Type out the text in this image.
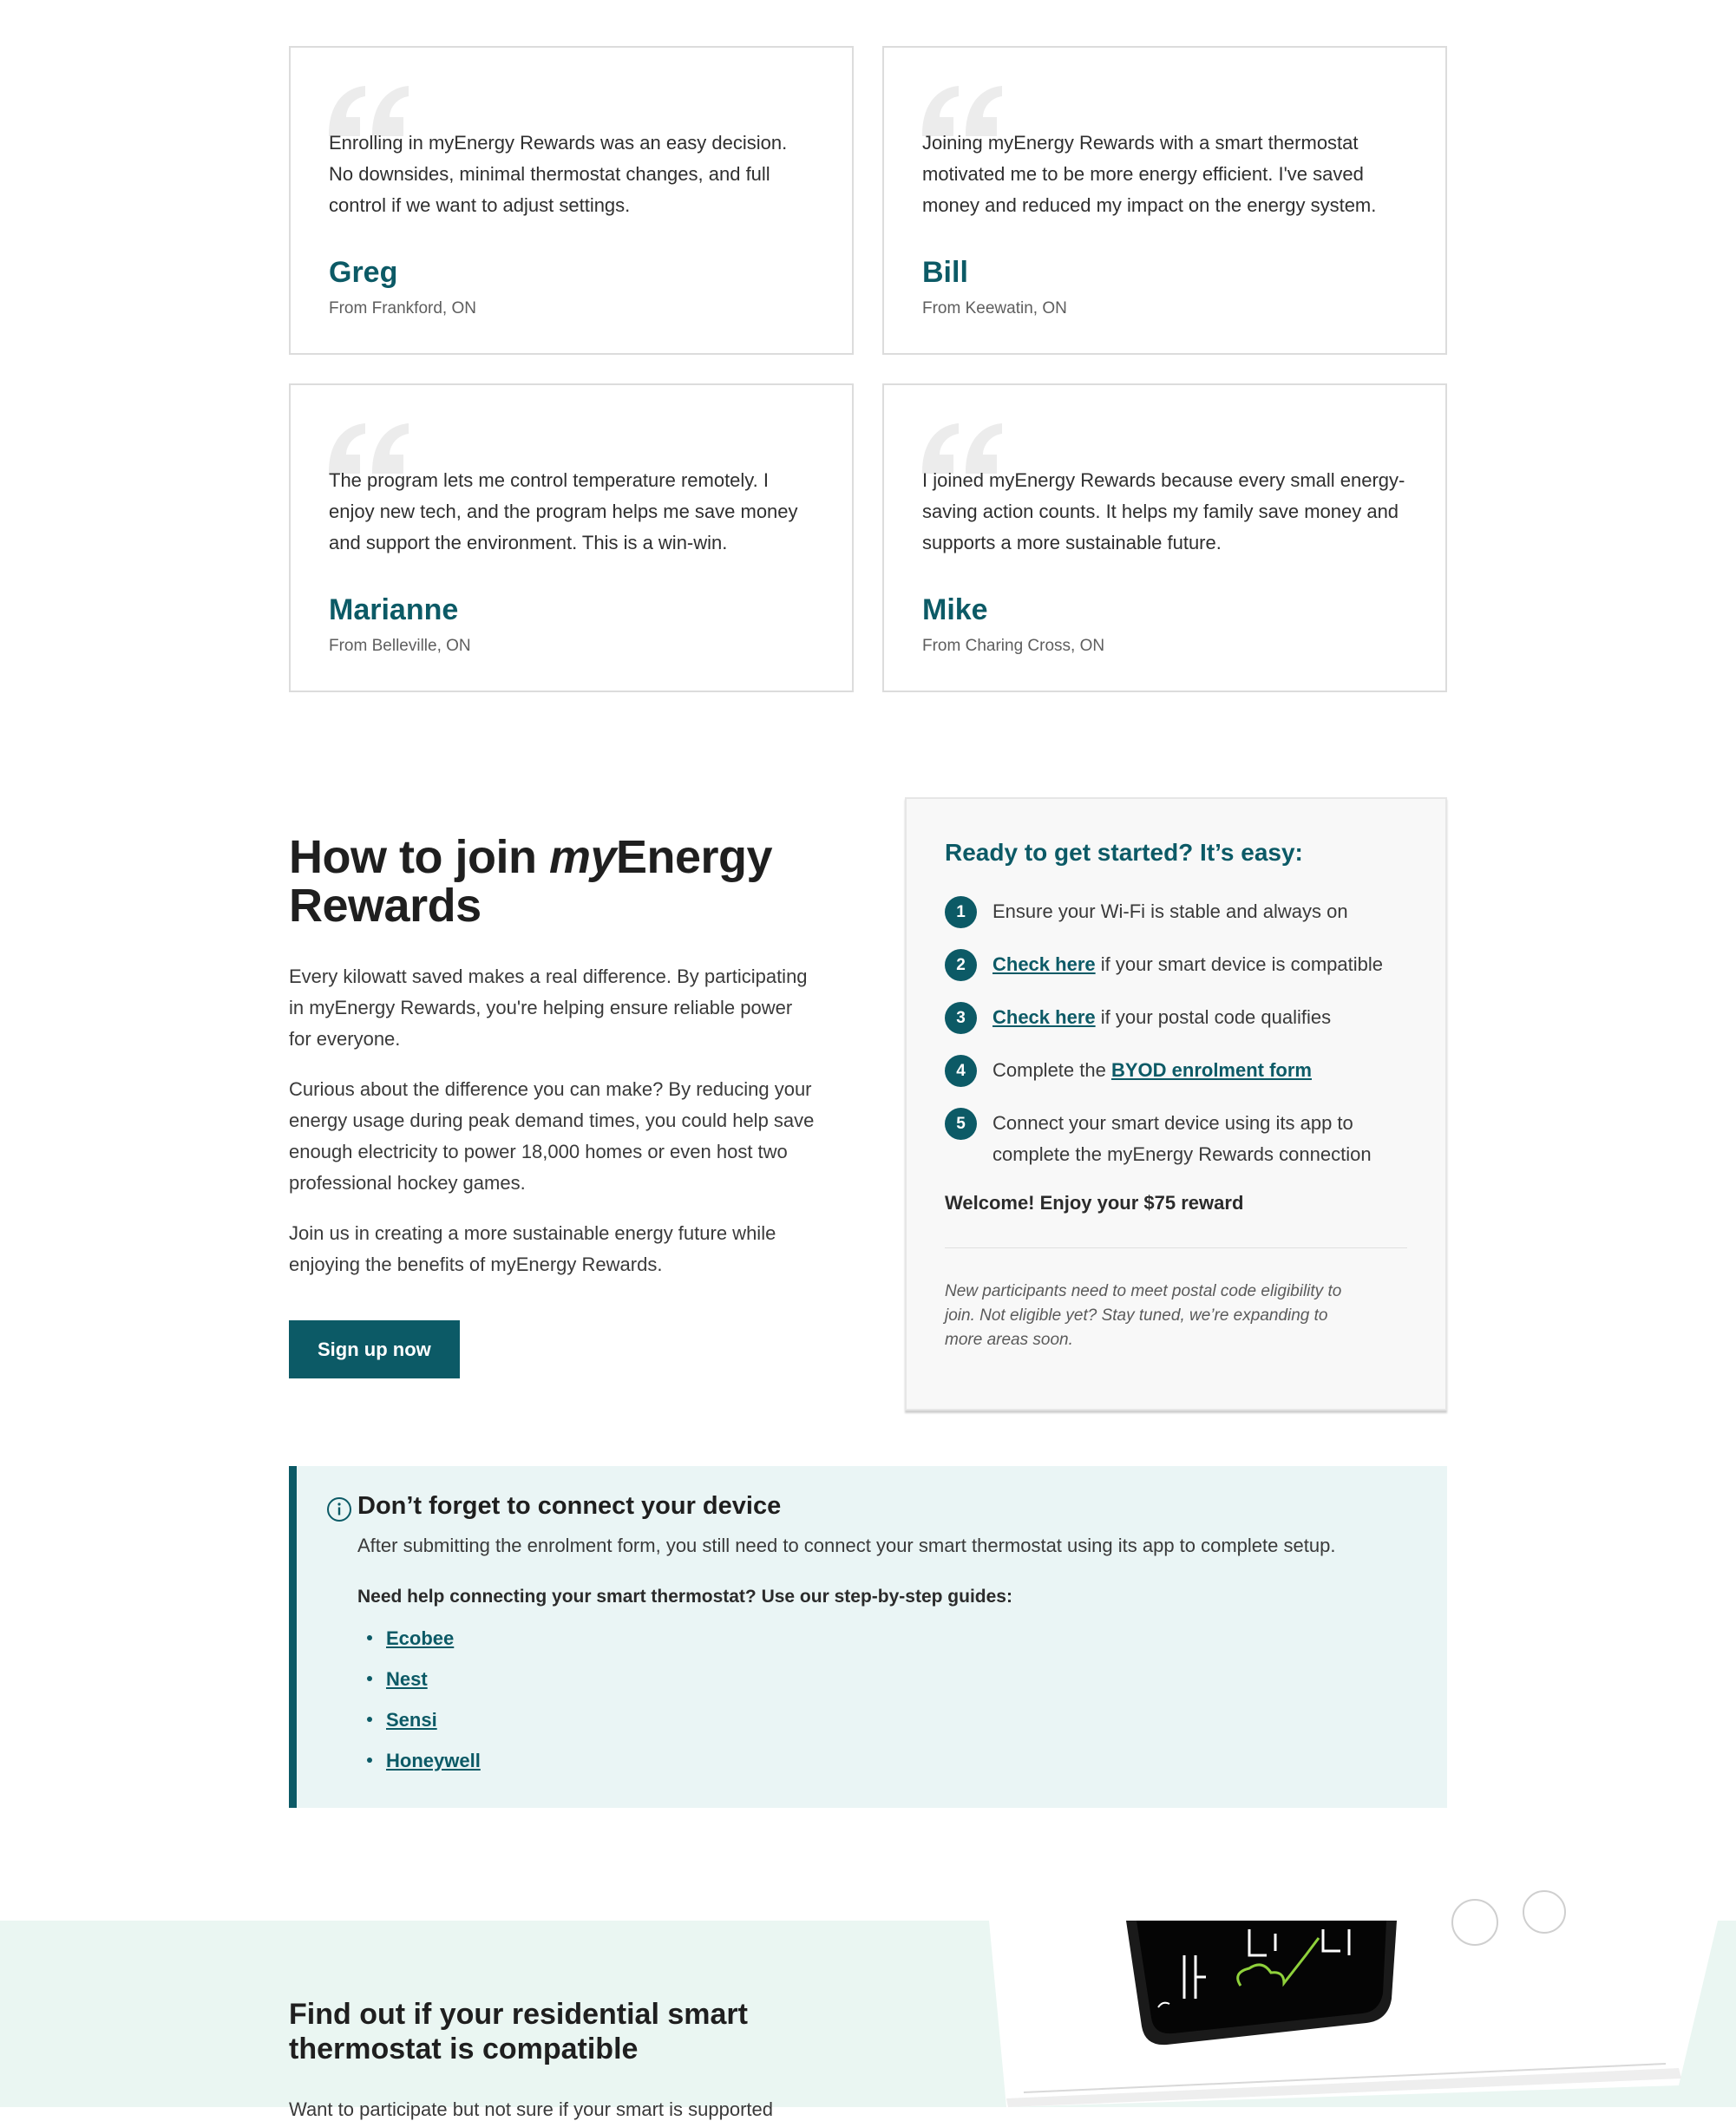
Enrolling in myEnergy Rewards was an easy decision. No downsides, minimal thermostat changes, and full control if we want to adjust settings.

Greg
From Frankford, ON

Joining myEnergy Rewards with a smart thermostat motivated me to be more energy efficient. I've saved money and reduced my impact on the energy system.

Bill
From Keewatin, ON

The program lets me control temperature remotely. I enjoy new tech, and the program helps me save money and support the environment. This is a win-win.

Marianne
From Belleville, ON

I joined myEnergy Rewards because every small energy-saving action counts. It helps my family save money and supports a more sustainable future.

Mike
From Charing Cross, ON
How to join myEnergy Rewards

Every kilowatt saved makes a real difference. By participating in myEnergy Rewards, you're helping ensure reliable power for everyone.

Curious about the difference you can make? By reducing your energy usage during peak demand times, you could help save enough electricity to power 18,000 homes or even host two professional hockey games.

Join us in creating a more sustainable energy future while enjoying the benefits of myEnergy Rewards.

Sign up now
Ready to get started? It’s easy:
1	Ensure your Wi-Fi is stable and always on
2	Check here if your smart device is compatible
3	Check here if your postal code qualifies
4	Complete the BYOD enrolment form
5	Connect your smart device using its app to complete the myEnergy Rewards connection

Welcome! Enjoy your $75 reward

New participants need to meet postal code eligibility to join. Not eligible yet? Stay tuned, we’re expanding to more areas soon.

Don’t forget to connect your device

After submitting the enrolment form, you still need to connect your smart thermostat using its app to complete setup.

Need help connecting your smart thermostat? Use our step-by-step guides:

Ecobee
Nest
Sensi
Honeywell
Find out if your residential smart thermostat is compatible

Want to participate but not sure if your smart is supported
